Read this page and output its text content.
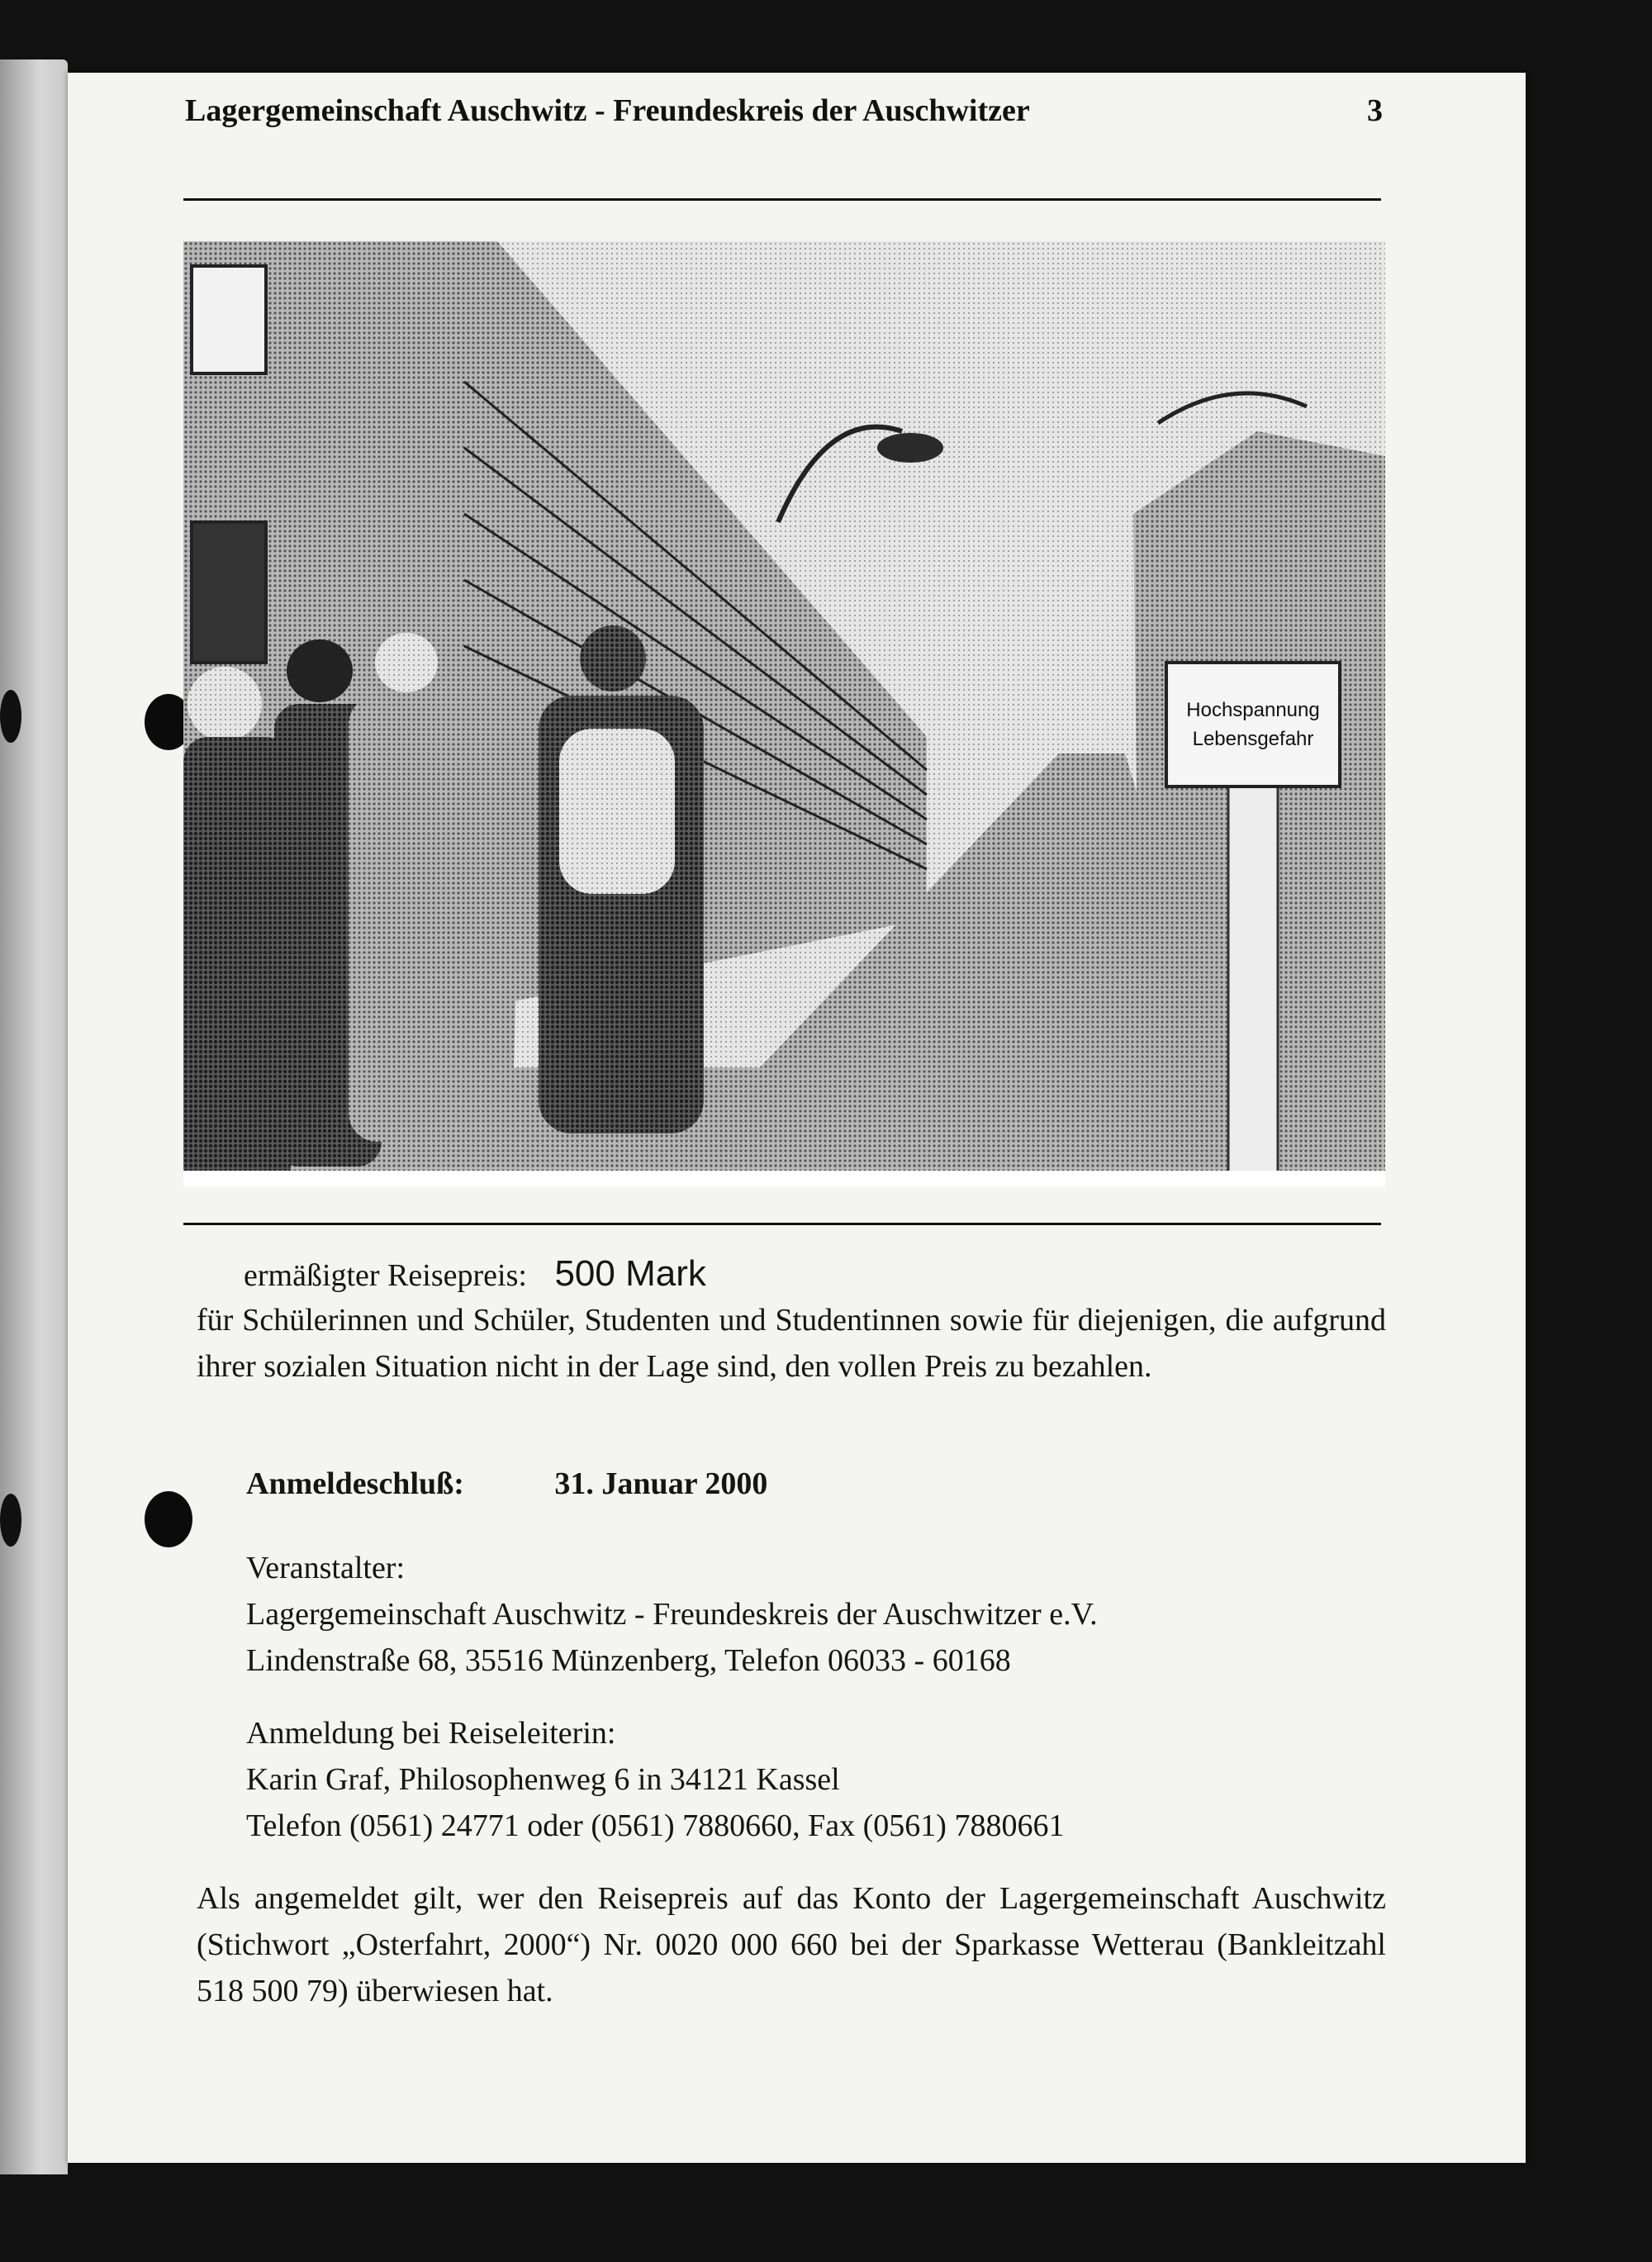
Lagergemeinschaft Auschwitz - Freundeskreis der Auschwitzer	3
Hochspannung
Lebensgefahr
ermäßigter Reisepreis: 500 Mark
für Schülerinnen und Schüler, Studenten und Studentinnen sowie für diejenigen, die aufgrund ihrer sozialen Situation nicht in der Lage sind, den vollen Preis zu bezahlen.
Anmeldeschluß:	31. Januar 2000
Veranstalter:
Lagergemeinschaft Auschwitz - Freundeskreis der Auschwitzer e.V.
Lindenstraße 68, 35516 Münzenberg, Telefon 06033 - 60168
Anmeldung bei Reiseleiterin:
Karin Graf, Philosophenweg 6 in 34121 Kassel
Telefon (0561) 24771 oder (0561) 7880660, Fax (0561) 7880661
Als angemeldet gilt, wer den Reisepreis auf das Konto der Lagergemeinschaft Auschwitz (Stichwort „Osterfahrt, 2000“) Nr. 0020 000 660 bei der Sparkasse Wetterau (Bankleitzahl 518 500 79) überwiesen hat.
